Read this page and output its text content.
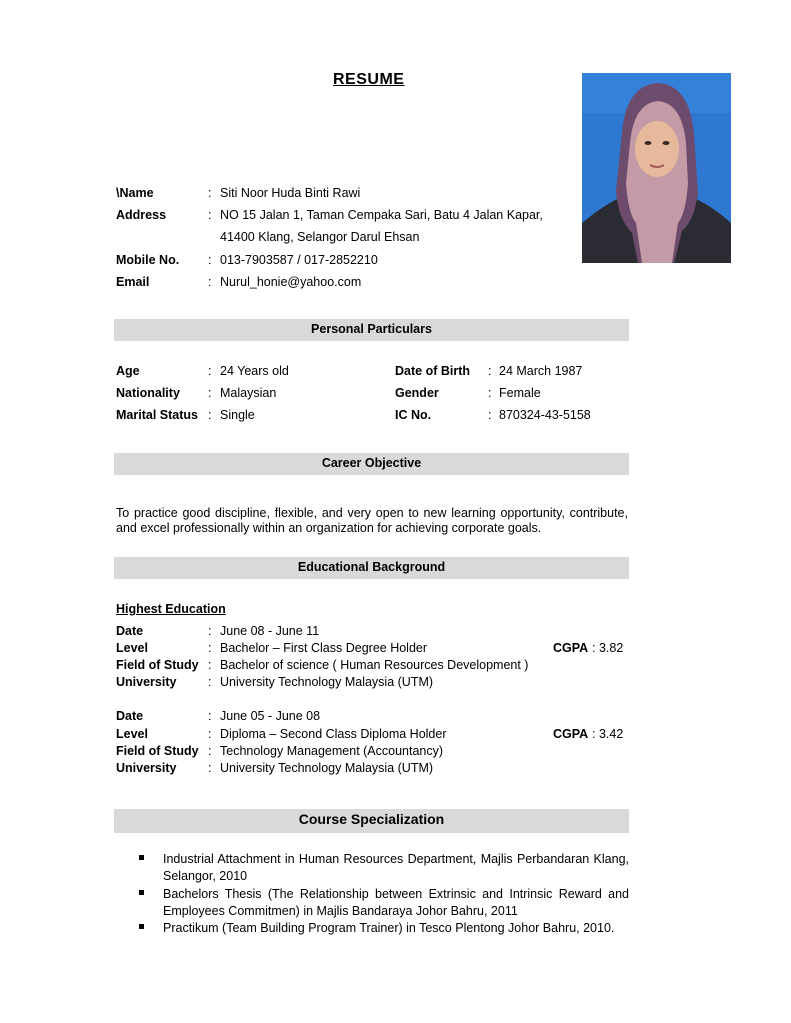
RESUME
\Name	: Siti Noor Huda Binti Rawi
Address	: NO 15 Jalan 1, Taman Cempaka Sari, Batu 4 Jalan Kapar,
41400 Klang, Selangor Darul Ehsan
Mobile No. : 013-7903587 / 017-2852210
Email	: Nurul_honie@yahoo.com
Personal Particulars
Age	: 24 Years old	Date of Birth : 24 March 1987
Nationality : Malaysian	Gender	: Female
Marital Status : Single	IC No.	: 870324-43-5158
Career Objective
To practice good discipline, flexible, and very open to new learning opportunity, contribute, and excel professionally within an organization for achieving corporate goals.
Educational Background
Highest Education
Date	: June 08 - June 11
Level	: Bachelor – First Class Degree Holder	CGPA : 3.82
Field of Study : Bachelor of science ( Human Resources Development )
University	: University Technology Malaysia (UTM)
Date	: June 05 - June 08
Level	: Diploma – Second Class Diploma Holder	CGPA : 3.42
Field of Study : Technology Management (Accountancy)
University	: University Technology Malaysia (UTM)
Course Specialization
Industrial Attachment in Human Resources Department, Majlis Perbandaran Klang, Selangor, 2010
Bachelors Thesis (The Relationship between Extrinsic and Intrinsic Reward and Employees Commitmen) in Majlis Bandaraya Johor Bahru, 2011
Practikum (Team Building Program Trainer) in Tesco Plentong Johor Bahru, 2010.
